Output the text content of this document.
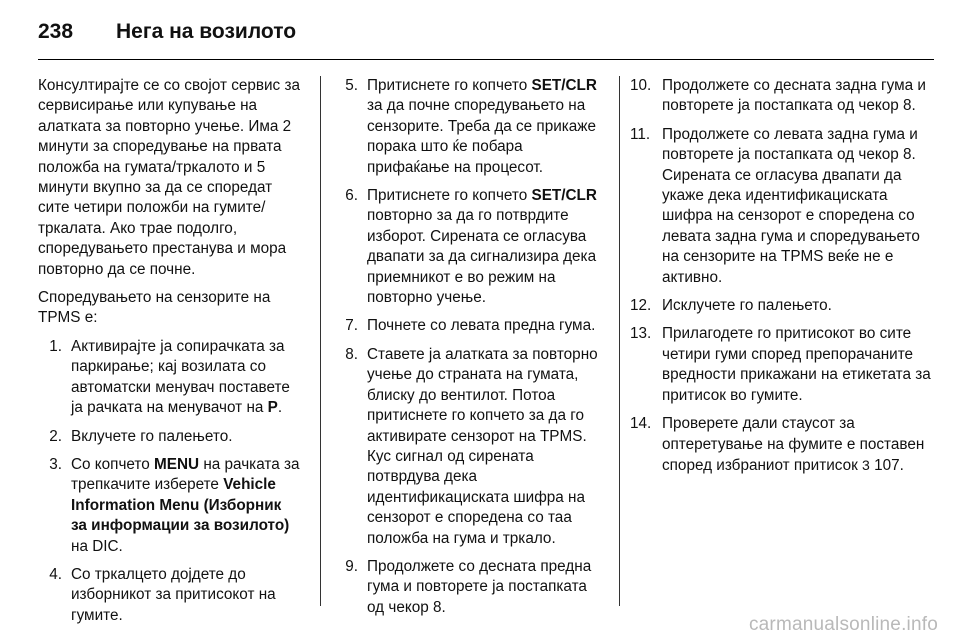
238	Нега на возилото

Консултирајте се со својот сервис за сервисирање или купување на алатката за повторно учење. Има 2 минути за споредување на првата положба на гумата/тркалото и 5 минути вкупно за да се споредат сите четири положби на гумите/тркалата. Ако трае подолго, споредувањето престанува и мора повторно да се почне.

Споредувањето на сензорите на TPMS е:

1. Активирајте ја сопирачката за паркирање; кај возилата со автоматски менувач поставете ја рачката на менувачот на P.
2. Вклучете го палењето.
3. Со копчето MENU на рачката за трепкачите изберете Vehicle Information Menu (Изборник за информации за возилото) на DIC.
4. Со тркалцето дојдете до изборникот за притисокот на гумите.
5. Притиснете го копчето SET/CLR за да почне споредувањето на сензорите. Треба да се прикаже порака што ќе побара прифаќање на процесот.
6. Притиснете го копчето SET/CLR повторно за да го потврдите изборот. Сирената се огласува двапати за да сигнализира дека приемникот е во режим на повторно учење.
7. Почнете со левата предна гума.
8. Ставете ја алатката за повторно учење до страната на гумата, блиску до вентилот. Потоа притиснете го копчето за да го активирате сензорот на TPMS. Кус сигнал од сирената потврдува дека идентификациската шифра на сензорот е споредена со таа положба на гума и тркало.
9. Продолжете со десната предна гума и повторете ја постапката од чекор 8.
10. Продолжете со десната задна гума и повторете ја постапката од чекор 8.
11. Продолжете со левата задна гума и повторете ја постапката од чекор 8. Сирената се огласува двапати да укаже дека идентификациската шифра на сензорот е споредена со левата задна гума и споредувањето на сензорите на TPMS веќе не е активно.
12. Исклучете го палењето.
13. Прилагодете го притисокот во сите четири гуми според препорачаните вредности прикажани на етикетата за притисок во гумите.
14. Проверете дали стаусот за оптеретување на фумите е поставен според избраниот притисок 3 107.
carmanualsonline.info
